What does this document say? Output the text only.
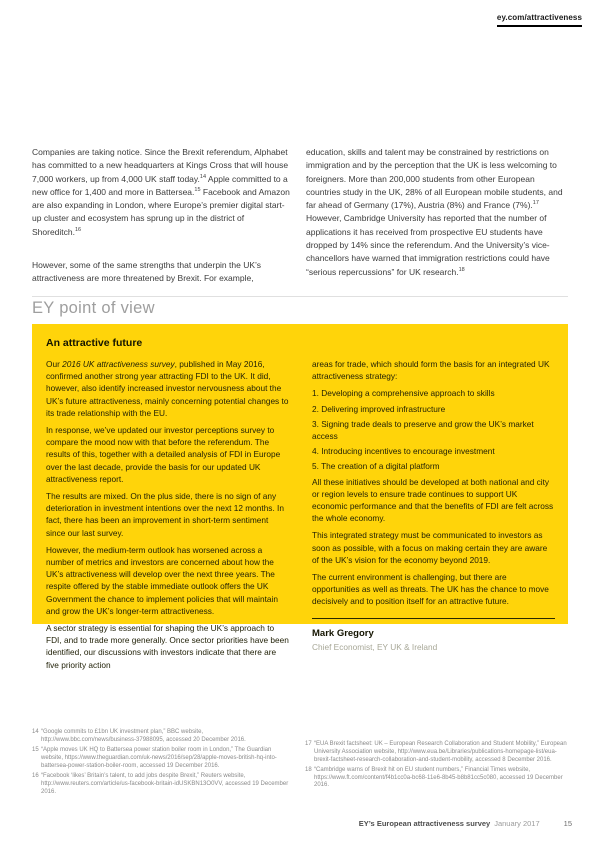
ey.com/attractiveness

Companies are taking notice. Since the Brexit referendum, Alphabet has committed to a new headquarters at Kings Cross that will house 7,000 workers, up from 4,000 UK staff today.$^{14}$ Apple committed to a new office for 1,400 and more in Battersea.$^{15}$ Facebook and Amazon are also expanding in London, where Europe’s premier digital start-up cluster and ecosystem has sprung up in the district of Shoreditch.$^{16}$

However, some of the same strengths that underpin the UK’s attractiveness are more threatened by Brexit. For example,

education, skills and talent may be constrained by restrictions on immigration and by the perception that the UK is less welcoming to foreigners. More than 200,000 students from other European countries study in the UK, 28% of all European mobile students, and far ahead of Germany (17%), Austria (8%) and France (7%).$^{17}$ However, Cambridge University has reported that the number of applications it has received from prospective EU students have dropped by 14% since the referendum. And the University’s vice-chancellors have warned that immigration restrictions could have “serious repercussions” for UK research.$^{18}$

EY point of view
An attractive future

Our 2016 UK attractiveness survey, published in May 2016, confirmed another strong year attracting FDI to the UK. It did, however, also identify increased investor nervousness about the UK’s future attractiveness, mainly concerning potential changes to its trade relationship with the EU.

In response, we’ve updated our investor perceptions survey to compare the mood now with that before the referendum. The results of this, together with a detailed analysis of FDI in Europe over the last decade, provide the basis for our updated UK attractiveness report.

The results are mixed. On the plus side, there is no sign of any deterioration in investment intentions over the next 12 months. In fact, there has been an improvement in short-term sentiment since our last survey.

However, the medium-term outlook has worsened across a number of metrics and investors are concerned about how the UK’s attractiveness will develop over the next three years. The respite offered by the stable immediate outlook offers the UK Government the chance to implement policies that will maintain and grow the UK’s longer-term attractiveness.

A sector strategy is essential for shaping the UK’s approach to FDI, and to trade more generally. Once sector priorities have been identified, our discussions with investors indicate that there are five priority action

areas for trade, which should form the basis for an integrated UK attractiveness strategy:

1. Developing a comprehensive approach to skills

2. Delivering improved infrastructure

3. Signing trade deals to preserve and grow the UK’s market access

4. Introducing incentives to encourage investment

5. The creation of a digital platform

All these initiatives should be developed at both national and city or region levels to ensure trade continues to support UK economic performance and that the benefits of FDI are felt across the whole economy.

This integrated strategy must be communicated to investors as soon as possible, with a focus on making certain they are aware of the UK’s vision for the economy beyond 2019.

The current environment is challenging, but there are opportunities as well as threats. The UK has the chance to move decisively and to position itself for an attractive future.

Mark Gregory
Chief Economist, EY UK & Ireland
14 “Google commits to £1bn UK investment plan,” BBC website, http://www.bbc.com/news/business-37988095, accessed 20 December 2016.
15 “Apple moves UK HQ to Battersea power station boiler room in London,” The Guardian website, https://www.theguardian.com/uk-news/2016/sep/28/apple-moves-british-hq-into-battersea-power-station-boiler-room, accessed 19 December 2016.
16 “Facebook ‘likes’ Britain’s talent, to add jobs despite Brexit,” Reuters website, http://www.reuters.com/article/us-facebook-britain-idUSKBN13O0VV, accessed 19 December 2016.
17 “EUA Brexit factsheet: UK – European Research Collaboration and Student Mobility,” European University Association website, http://www.eua.be/Libraries/publications-homepage-list/eua-brexit-factsheet-research-collaboration-and-student-mobility, accessed 8 December 2016.
18 “Cambridge warns of Brexit hit on EU student numbers,” Financial Times website, https://www.ft.com/content/f4b1cc0a-bc68-11e6-8b45-b8b81cc5c080, accessed 19 December 2016.
EY’s European attractiveness survey January 2017	15
